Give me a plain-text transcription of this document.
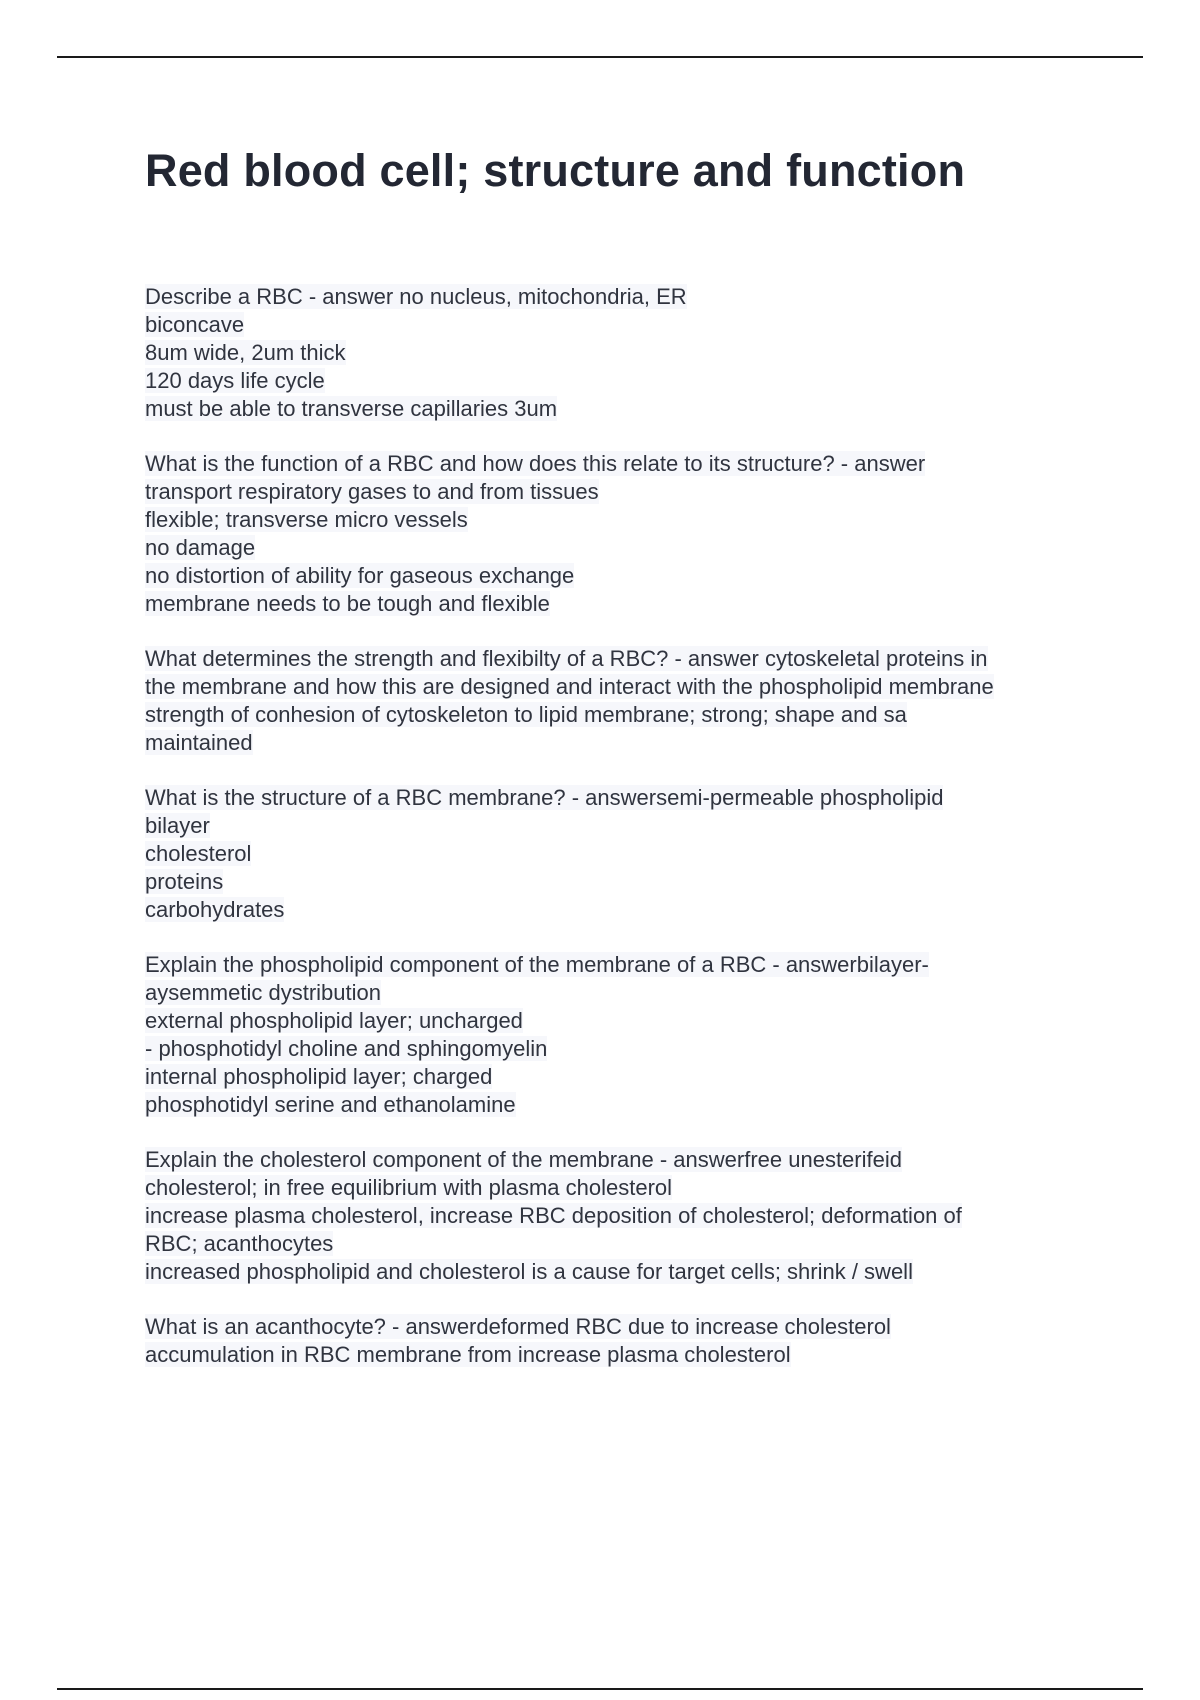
Red blood cell; structure and function
Describe a RBC - answer no nucleus, mitochondria, ER
biconcave
8um wide, 2um thick
120 days life cycle
must be able to transverse capillaries 3um
What is the function of a RBC and how does this relate to its structure? - answer
transport respiratory gases to and from tissues
flexible; transverse micro vessels
no damage
no distortion of ability for gaseous exchange
membrane needs to be tough and flexible
What determines the strength and flexibilty of a RBC? - answer cytoskeletal proteins in
the membrane and how this are designed and interact with the phospholipid membrane
strength of conhesion of cytoskeleton to lipid membrane; strong; shape and sa
maintained
What is the structure of a RBC membrane? - answersemi-permeable phospholipid
bilayer
cholesterol
proteins
carbohydrates
Explain the phospholipid component of the membrane of a RBC - answerbilayer-
aysemmetic dystribution
external phospholipid layer; uncharged
- phosphotidyl choline and sphingomyelin
internal phospholipid layer; charged
phosphotidyl serine and ethanolamine
Explain the cholesterol component of the membrane - answerfree unesterifeid
cholesterol; in free equilibrium with plasma cholesterol
increase plasma cholesterol, increase RBC deposition of cholesterol; deformation of
RBC; acanthocytes
increased phospholipid and cholesterol is a cause for target cells; shrink / swell
What is an acanthocyte? - answerdeformed RBC due to increase cholesterol
accumulation in RBC membrane from increase plasma cholesterol
